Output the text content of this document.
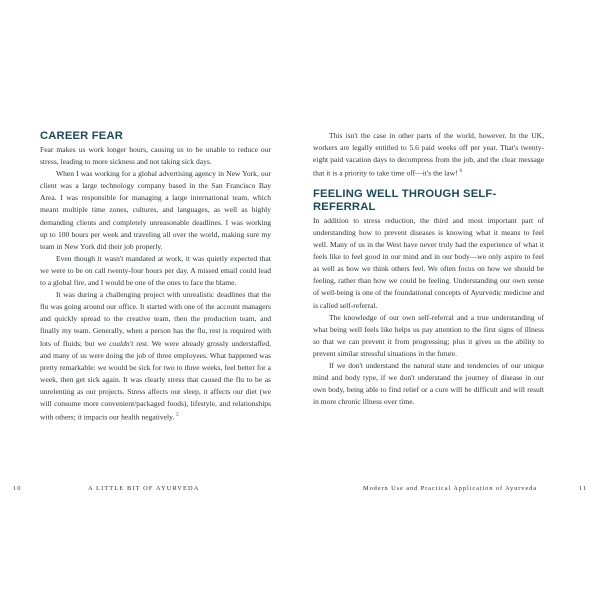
CAREER FEAR

Fear makes us work longer hours, causing us to be unable to reduce our stress, leading to more sickness and not taking sick days.

When I was working for a global advertising agency in New York, our client was a large technology company based in the San Francisco Bay Area. I was responsible for managing a large international team, which meant multiple time zones, cultures, and languages, as well as highly demanding clients and completely unreasonable deadlines. I was working up to 100 hours per week and traveling all over the world, making sure my team in New York did their job properly.

Even though it wasn't mandated at work, it was quietly expected that we were to be on call twenty-four hours per day. A missed email could lead to a global fire, and I would be one of the ones to face the blame.

It was during a challenging project with unrealistic deadlines that the flu was going around our office. It started with one of the account managers and quickly spread to the creative team, then the production team, and finally my team. Generally, when a person has the flu, rest is required with lots of fluids; but we couldn't rest. We were already grossly understaffed, and many of us were doing the job of three employees. What happened was pretty remarkable: we would be sick for two to three weeks, feel better for a week, then get sick again. It was clearly stress that caused the flu to be as unrelenting as our projects. Stress affects our sleep, it affects our diet (we will consume more convenient/packaged foods), lifestyle, and relationships with others; it impacts our health negatively. $^5$

10	A LITTLE BIT OF AYURVEDA

This isn't the case in other parts of the world, however. In the UK, workers are legally entitled to 5.6 paid weeks off per year. That's twenty-eight paid vacation days to decompress from the job, and the clear message that it is a priority to take time off—it's the law! $^6$

FEELING WELL THROUGH SELF-REFERRAL

In addition to stress reduction, the third and most important part of understanding how to prevent diseases is knowing what it means to feel well. Many of us in the West have never truly had the experience of what it feels like to feel good in our mind and in our body—we only aspire to feel as well as how we think others feel. We often focus on how we should be feeling, rather than how we could be feeling. Understanding our own sense of well-being is one of the foundational concepts of Ayurvedic medicine and is called self-referral.

The knowledge of our own self-referral and a true understanding of what being well feels like helps us pay attention to the first signs of illness so that we can prevent it from progressing; plus it gives us the ability to prevent similar stressful situations in the future.

If we don't understand the natural state and tendencies of our unique mind and body type, if we don't understand the journey of disease in our own body, being able to find relief or a cure will be difficult and will result in more chronic illness over time.

Modern Use and Practical Application of Ayurveda	11
